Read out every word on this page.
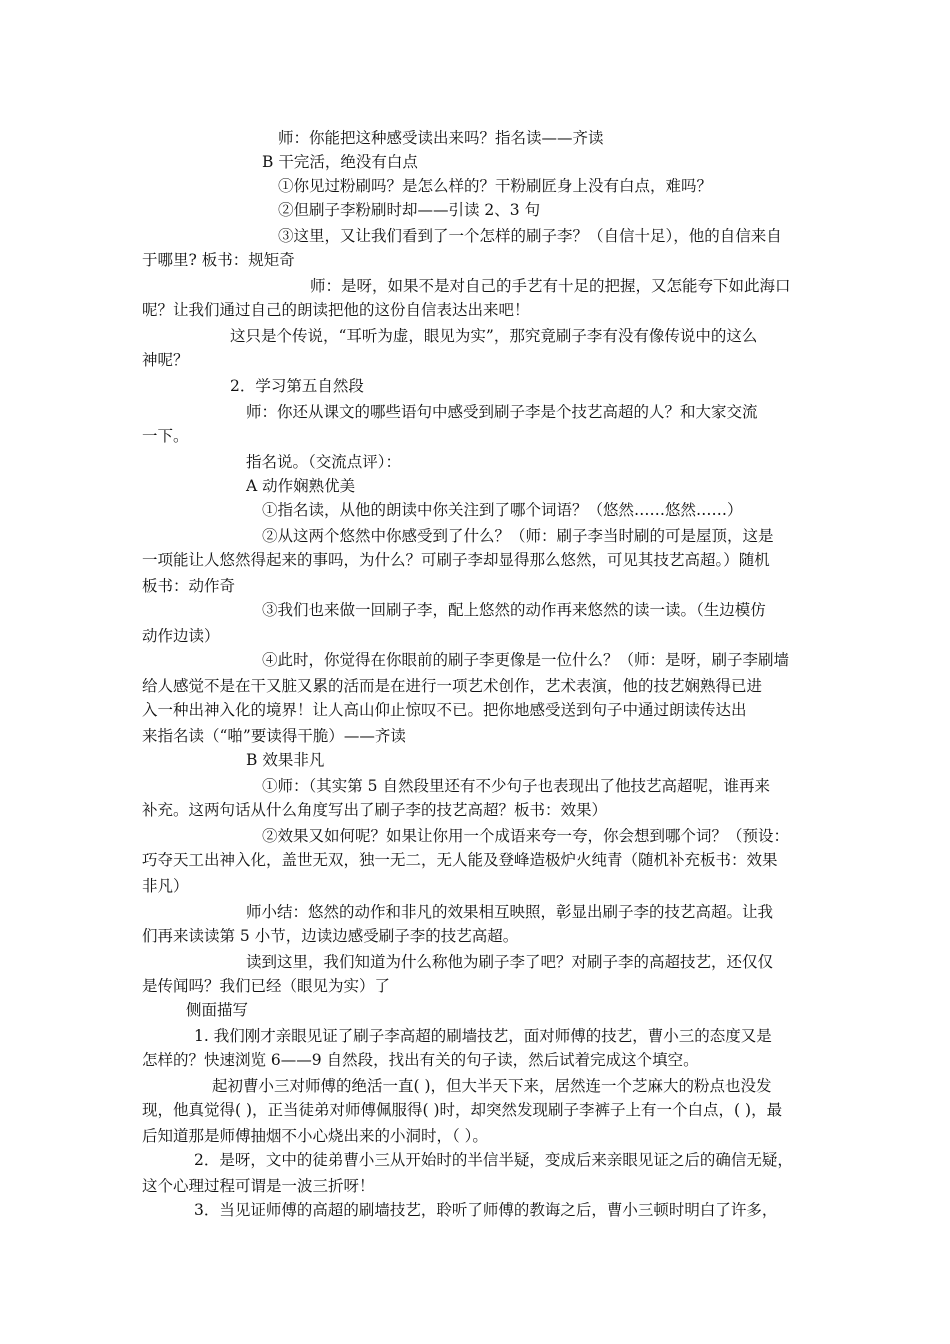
师：你能把这种感受读出来吗？指名读——齐读
B 干完活，绝没有白点
①你见过粉刷吗？是怎么样的？干粉刷匠身上没有白点，难吗？
②但刷子李粉刷时却——引读 2、3 句
③这里，又让我们看到了一个怎样的刷子李？（自信十足），他的自信来自
于哪里? 板书：规矩奇
师：是呀，如果不是对自己的手艺有十足的把握，又怎能夸下如此海口
呢？让我们通过自己的朗读把他的这份自信表达出来吧！
这只是个传说，“耳听为虚，眼见为实”，那究竟刷子李有没有像传说中的这么
神呢？
2．学习第五自然段
师：你还从课文的哪些语句中感受到刷子李是个技艺高超的人？和大家交流
一下。
指名说。（交流点评）：
A 动作娴熟优美
①指名读，从他的朗读中你关注到了哪个词语？（悠然……悠然……）
②从这两个悠然中你感受到了什么？（师：刷子李当时刷的可是屋顶，这是
一项能让人悠然得起来的事吗，为什么？可刷子李却显得那么悠然，可见其技艺高超。）随机
板书：动作奇
③我们也来做一回刷子李，配上悠然的动作再来悠然的读一读。（生边模仿
动作边读）
④此时，你觉得在你眼前的刷子李更像是一位什么？（师：是呀，刷子李刷墙
给人感觉不是在干又脏又累的活而是在进行一项艺术创作，艺术表演，他的技艺娴熟得已进
入一种出神入化的境界！让人高山仰止惊叹不已。把你地感受送到句子中通过朗读传达出
来指名读（“啪”要读得干脆）——齐读
B 效果非凡
①师：（其实第 5 自然段里还有不少句子也表现出了他技艺高超呢，谁再来
补充。这两句话从什么角度写出了刷子李的技艺高超？板书：效果）
②效果又如何呢？如果让你用一个成语来夸一夸，你会想到哪个词？（预设：
巧夺天工出神入化，盖世无双，独一无二，无人能及登峰造极炉火纯青（随机补充板书：效果
非凡）
师小结：悠然的动作和非凡的效果相互映照，彰显出刷子李的技艺高超。让我
们再来读读第 5 小节，边读边感受刷子李的技艺高超。
读到这里，我们知道为什么称他为刷子李了吧？对刷子李的高超技艺，还仅仅
是传闻吗？我们已经（眼见为实）了
侧面描写
1. 我们刚才亲眼见证了刷子李高超的刷墙技艺，面对师傅的技艺，曹小三的态度又是
怎样的？快速浏览 6——9 自然段，找出有关的句子读，然后试着完成这个填空。
起初曹小三对师傅的绝活一直( )，但大半天下来，居然连一个芝麻大的粉点也没发
现，他真觉得( )，正当徒弟对师傅佩服得( )时，却突然发现刷子李裤子上有一个白点，( )，最
后知道那是师傅抽烟不小心烧出来的小洞时，（ ）。
2．是呀，文中的徒弟曹小三从开始时的半信半疑，变成后来亲眼见证之后的确信无疑，
这个心理过程可谓是一波三折呀！
3．当见证师傅的高超的刷墙技艺，聆听了师傅的教诲之后，曹小三顿时明白了许多，
